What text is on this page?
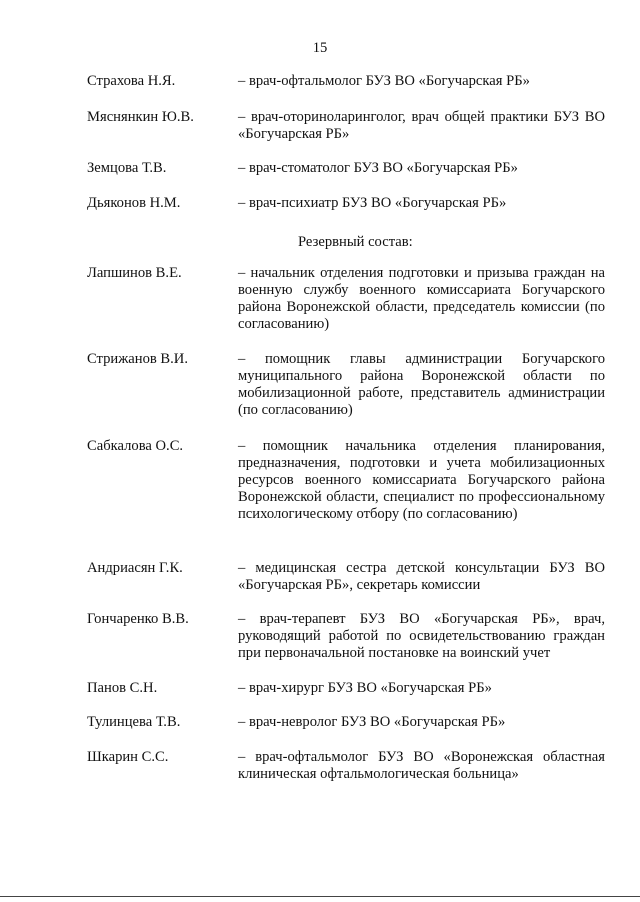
15
Страхова Н.Я.	– врач-офтальмолог БУЗ ВО «Богучарская РБ»
Мяснянкин Ю.В.	– врач-оториноларинголог, врач общей практики БУЗ ВО «Богучарская РБ»
Земцова Т.В.	– врач-стоматолог БУЗ ВО «Богучарская РБ»
Дьяконов Н.М.	– врач-психиатр БУЗ ВО «Богучарская РБ»
Резервный состав:
Лапшинов В.Е.	– начальник отделения подготовки и призыва граждан на военную службу военного комиссариата Богучарского района Воронежской области, председатель комиссии (по согласованию)
Стрижанов В.И.	– помощник главы администрации Богучарского муниципального района Воронежской области по мобилизационной работе, представитель администрации (по согласованию)
Сабкалова О.С.	– помощник начальника отделения планирования, предназначения, подготовки и учета мобилизационных ресурсов военного комиссариата Богучарского района Воронежской области, специалист по профессиональному психологическому отбору (по согласованию)
Андриасян Г.К.	– медицинская сестра детской консультации БУЗ ВО «Богучарская РБ», секретарь комиссии
Гончаренко В.В.	– врач-терапевт БУЗ ВО «Богучарская РБ», врач, руководящий работой по освидетельствованию граждан при первоначальной постановке на воинский учет
Панов С.Н.	– врач-хирург БУЗ ВО «Богучарская РБ»
Тулинцева Т.В.	– врач-невролог БУЗ ВО «Богучарская РБ»
Шкарин С.С.	– врач-офтальмолог БУЗ ВО «Воронежская областная клиническая офтальмологическая больница»
